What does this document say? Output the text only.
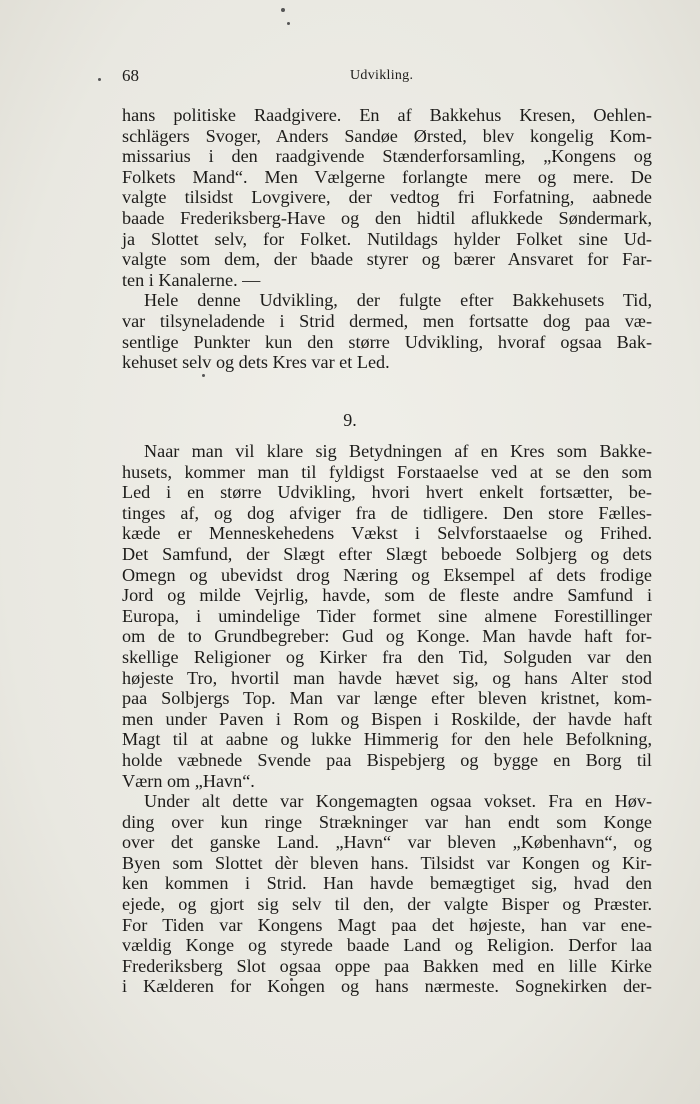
68	Udvikling.
hans politiske Raadgivere. En af Bakkehus Kresen, Oehlen-
schlägers Svoger, Anders Sandøe Ørsted, blev kongelig Kom-
missarius i den raadgivende Stænderforsamling, „Kongens og
Folkets Mand“. Men Vælgerne forlangte mere og mere. De
valgte tilsidst Lovgivere, der vedtog fri Forfatning, aabnede
baade Frederiksberg-Have og den hidtil aflukkede Søndermark,
ja Slottet selv, for Folket. Nutildags hylder Folket sine Ud-
valgte som dem, der baade styrer og bærer Ansvaret for Far-
ten i Kanalerne. —
Hele denne Udvikling, der fulgte efter Bakkehusets Tid,
var tilsyneladende i Strid dermed, men fortsatte dog paa væ-
sentlige Punkter kun den større Udvikling, hvoraf ogsaa Bak-
kehuset selv og dets Kres var et Led.
9.
Naar man vil klare sig Betydningen af en Kres som Bakke-
husets, kommer man til fyldigst Forstaaelse ved at se den som
Led i en større Udvikling, hvori hvert enkelt fortsætter, be-
tinges af, og dog afviger fra de tidligere. Den store Fælles-
kæde er Menneskehedens Vækst i Selvforstaaelse og Frihed.
Det Samfund, der Slægt efter Slægt beboede Solbjerg og dets
Omegn og ubevidst drog Næring og Eksempel af dets frodige
Jord og milde Vejrlig, havde, som de fleste andre Samfund i
Europa, i umindelige Tider formet sine almene Forestillinger
om de to Grundbegreber: Gud og Konge. Man havde haft for-
skellige Religioner og Kirker fra den Tid, Solguden var den
højeste Tro, hvortil man havde hævet sig, og hans Alter stod
paa Solbjergs Top. Man var længe efter bleven kristnet, kom-
men under Paven i Rom og Bispen i Roskilde, der havde haft
Magt til at aabne og lukke Himmerig for den hele Befolkning,
holde væbnede Svende paa Bispebjerg og bygge en Borg til
Værn om „Havn“.
Under alt dette var Kongemagten ogsaa vokset. Fra en Høv-
ding over kun ringe Strækninger var han endt som Konge
over det ganske Land. „Havn“ var bleven „København“, og
Byen som Slottet dèr bleven hans. Tilsidst var Kongen og Kir-
ken kommen i Strid. Han havde bemægtiget sig, hvad den
ejede, og gjort sig selv til den, der valgte Bisper og Præster.
For Tiden var Kongens Magt paa det højeste, han var ene-
vældig Konge og styrede baade Land og Religion. Derfor laa
Frederiksberg Slot ogsaa oppe paa Bakken med en lille Kirke
i Kælderen for Kongen og hans nærmeste. Sognekirken der-
